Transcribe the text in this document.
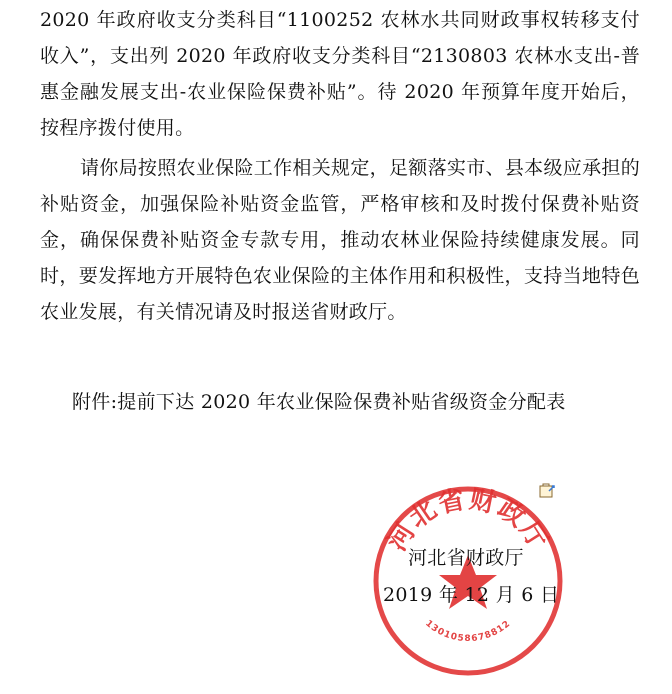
2020 年政府收支分类科目“1100252 农林水共同财政事权转移支付收入”，支出列 2020 年政府收支分类科目“2130803 农林水支出-普惠金融发展支出-农业保险保费补贴”。待 2020 年预算年度开始后，按程序拨付使用。
请你局按照农业保险工作相关规定，足额落实市、县本级应承担的补贴资金，加强保险补贴资金监管，严格审核和及时拨付保费补贴资金，确保保费补贴资金专款专用，推动农林业保险持续健康发展。同时，要发挥地方开展特色农业保险的主体作用和积极性，支持当地特色农业发展，有关情况请及时报送省财政厅。
附件:提前下达 2020 年农业保险保费补贴省级资金分配表
河北省财政厅
1301058678812
河北省财政厅
2019 年 12 月 6 日
